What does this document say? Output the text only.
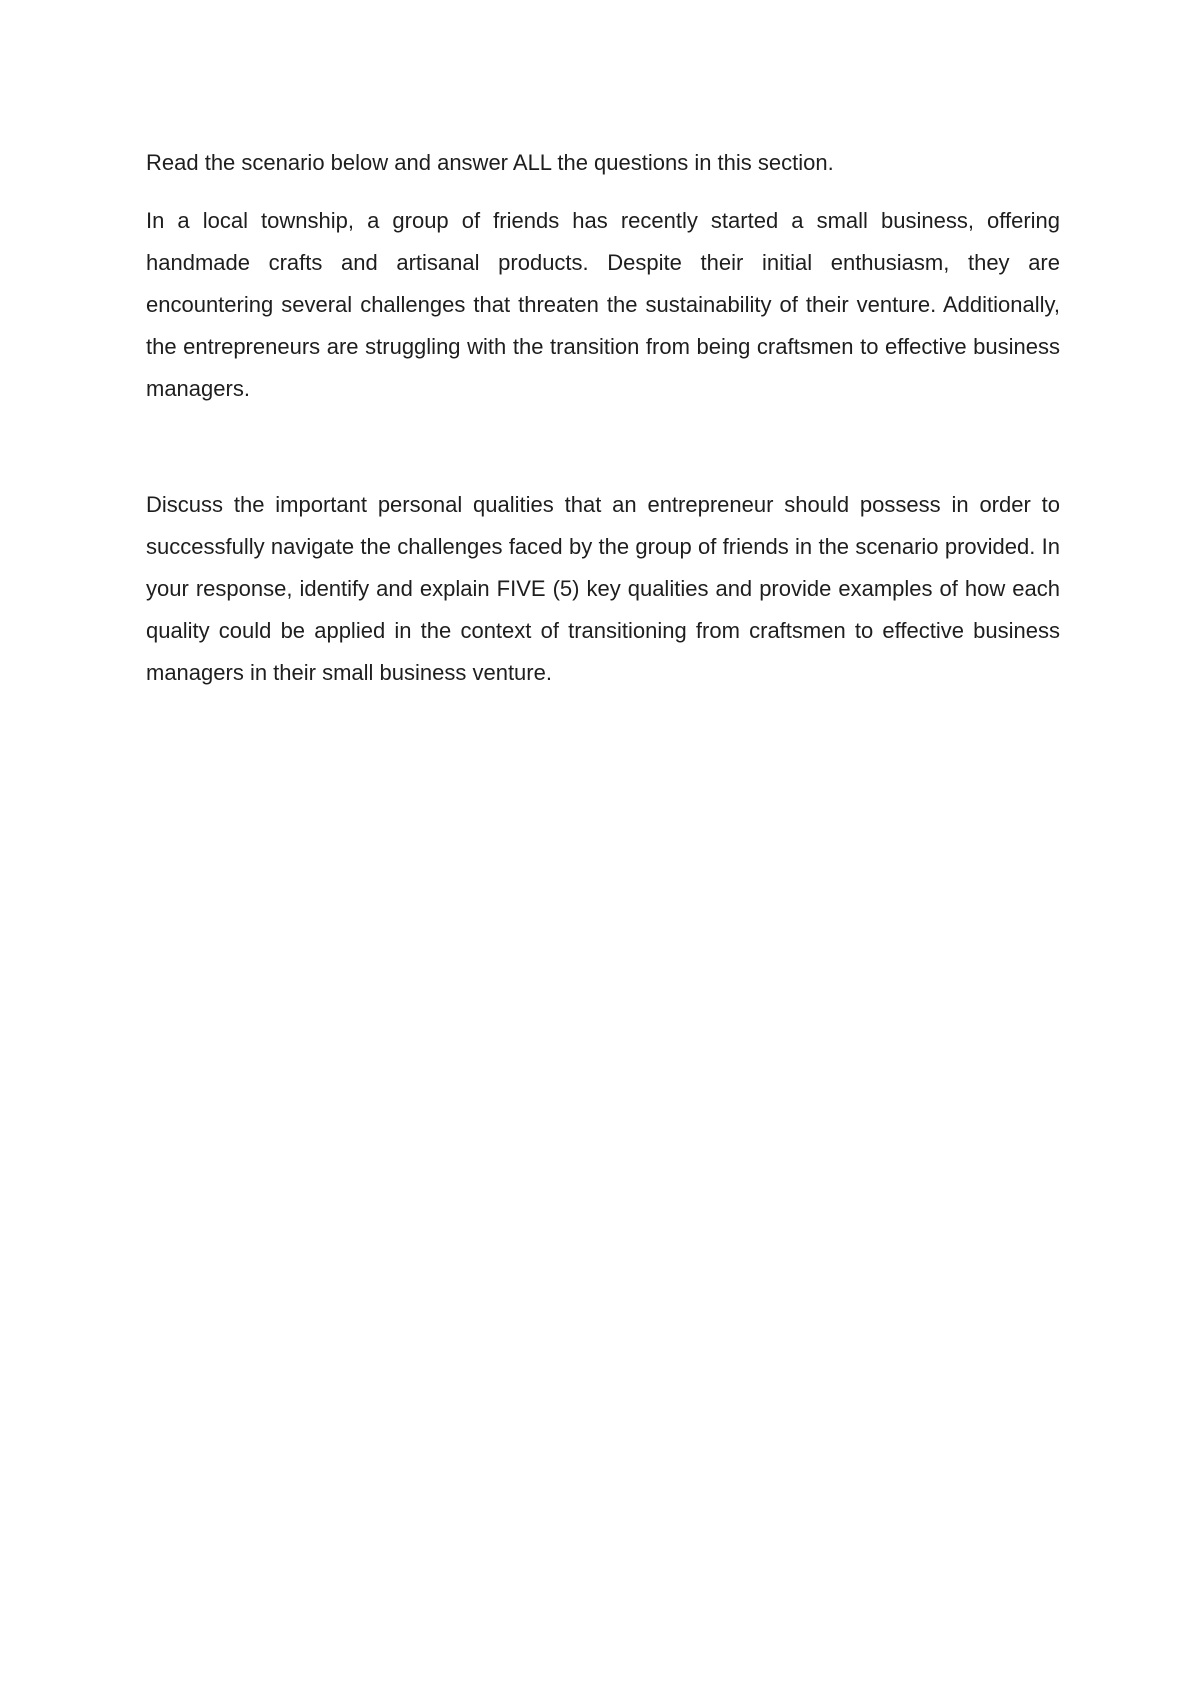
Read the scenario below and answer ALL the questions in this section.

In a local township, a group of friends has recently started a small business, offering handmade crafts and artisanal products. Despite their initial enthusiasm, they are encountering several challenges that threaten the sustainability of their venture. Additionally, the entrepreneurs are struggling with the transition from being craftsmen to effective business managers.

Discuss the important personal qualities that an entrepreneur should possess in order to successfully navigate the challenges faced by the group of friends in the scenario provided. In your response, identify and explain FIVE (5) key qualities and provide examples of how each quality could be applied in the context of transitioning from craftsmen to effective business managers in their small business venture.
